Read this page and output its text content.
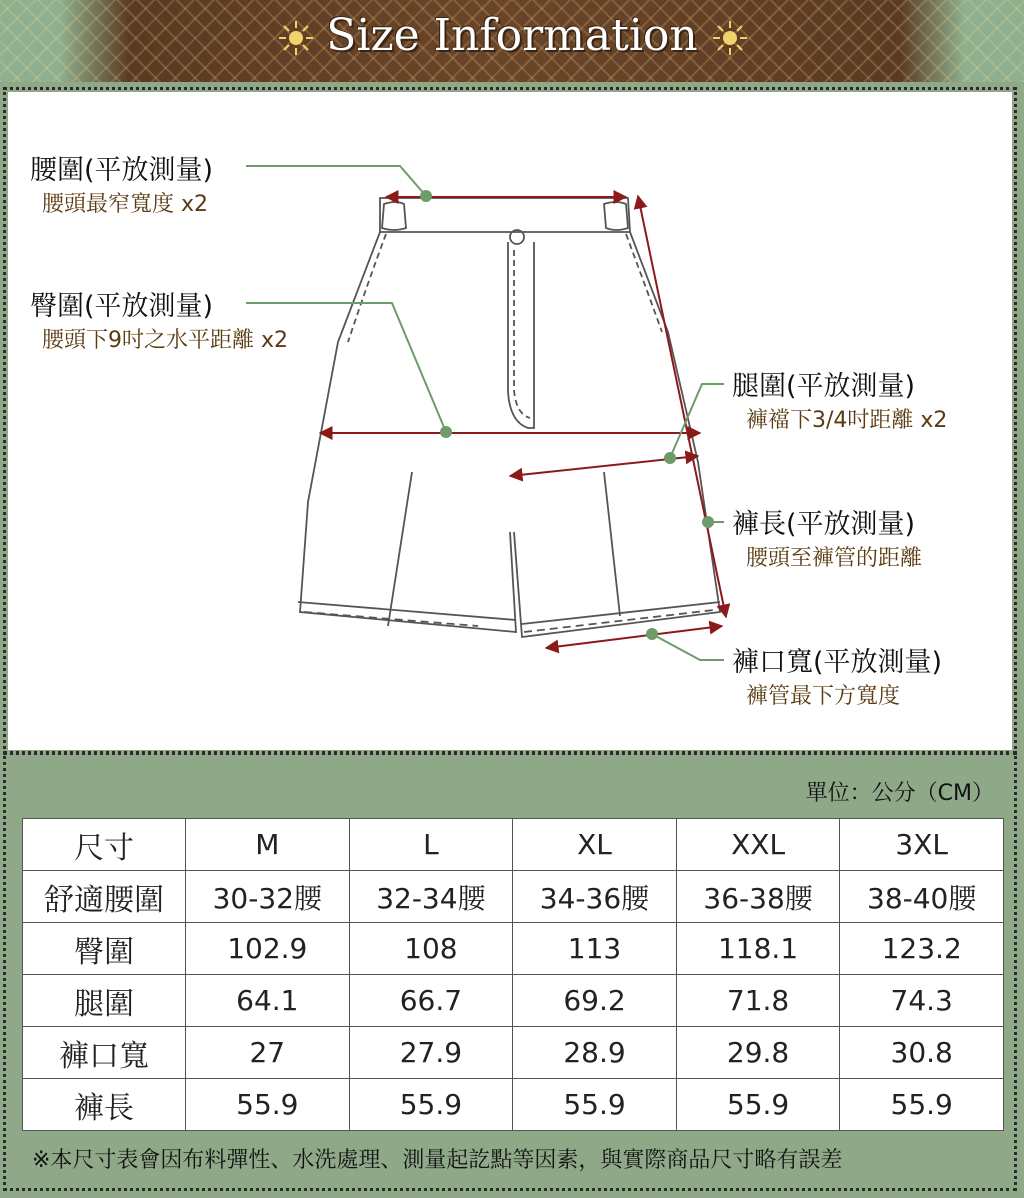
Size Information
腰圍(平放測量)
腰頭最窄寬度 x2
臀圍(平放測量)
腰頭下9吋之水平距離 x2
腿圍(平放測量)
褲襠下3/4吋距離 x2
褲長(平放測量)
腰頭至褲管的距離
褲口寬(平放測量)
褲管最下方寬度
單位：公分（CM）
尺寸	M	L	XL	XXL	3XL
舒適腰圍	30-32腰	32-34腰	34-36腰	36-38腰	38-40腰
臀圍	102.9	108	113	118.1	123.2
腿圍	64.1	66.7	69.2	71.8	74.3
褲口寬	27	27.9	28.9	29.8	30.8
褲長	55.9	55.9	55.9	55.9	55.9
※本尺寸表會因布料彈性、水洗處理、測量起訖點等因素，與實際商品尺寸略有誤差
